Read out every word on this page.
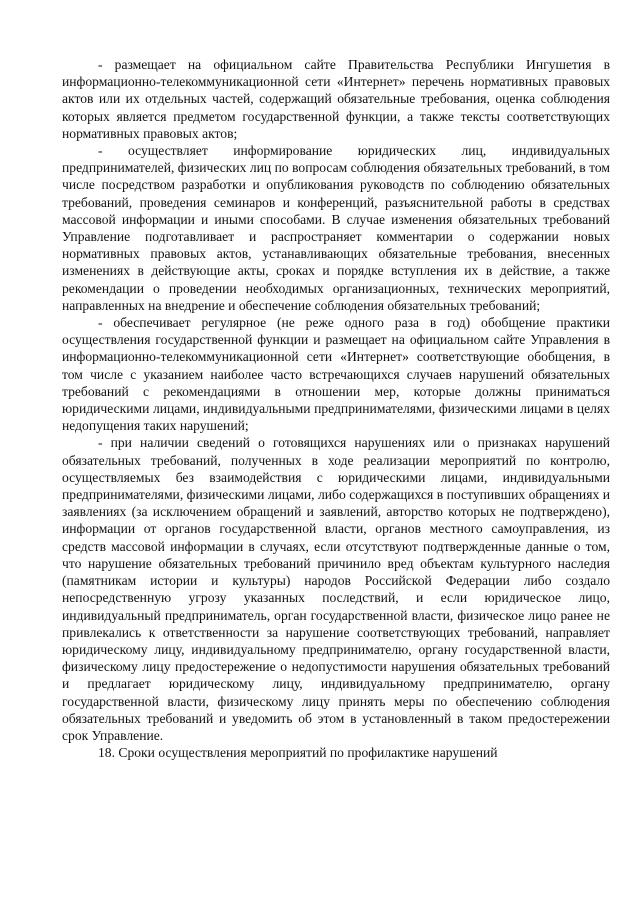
- размещает на официальном сайте Правительства Республики Ингушетия в информационно-телекоммуникационной сети «Интернет» перечень нормативных правовых актов или их отдельных частей, содержащий обязательные требования, оценка соблюдения которых является предметом государственной функции, а также тексты соответствующих нормативных правовых актов;

- осуществляет информирование юридических лиц, индивидуальных предпринимателей, физических лиц по вопросам соблюдения обязательных требований, в том числе посредством разработки и опубликования руководств по соблюдению обязательных требований, проведения семинаров и конференций, разъяснительной работы в средствах массовой информации и иными способами. В случае изменения обязательных требований Управление подготавливает и распространяет комментарии о содержании новых нормативных правовых актов, устанавливающих обязательные требования, внесенных изменениях в действующие акты, сроках и порядке вступления их в действие, а также рекомендации о проведении необходимых организационных, технических мероприятий, направленных на внедрение и обеспечение соблюдения обязательных требований;

- обеспечивает регулярное (не реже одного раза в год) обобщение практики осуществления государственной функции и размещает на официальном сайте Управления в информационно-телекоммуникационной сети «Интернет» соответствующие обобщения, в том числе с указанием наиболее часто встречающихся случаев нарушений обязательных требований с рекомендациями в отношении мер, которые должны приниматься юридическими лицами, индивидуальными предпринимателями, физическими лицами в целях недопущения таких нарушений;

- при наличии сведений о готовящихся нарушениях или о признаках нарушений обязательных требований, полученных в ходе реализации мероприятий по контролю, осуществляемых без взаимодействия с юридическими лицами, индивидуальными предпринимателями, физическими лицами, либо содержащихся в поступивших обращениях и заявлениях (за исключением обращений и заявлений, авторство которых не подтверждено), информации от органов государственной власти, органов местного самоуправления, из средств массовой информации в случаях, если отсутствуют подтвержденные данные о том, что нарушение обязательных требований причинило вред объектам культурного наследия (памятникам истории и культуры) народов Российской Федерации либо создало непосредственную угрозу указанных последствий, и если юридическое лицо, индивидуальный предприниматель, орган государственной власти, физическое лицо ранее не привлекались к ответственности за нарушение соответствующих требований, направляет юридическому лицу, индивидуальному предпринимателю, органу государственной власти, физическому лицу предостережение о недопустимости нарушения обязательных требований и предлагает юридическому лицу, индивидуальному предпринимателю, органу государственной власти, физическому лицу принять меры по обеспечению соблюдения обязательных требований и уведомить об этом в установленный в таком предостережении срок Управление.

18. Сроки осуществления мероприятий по профилактике нарушений
